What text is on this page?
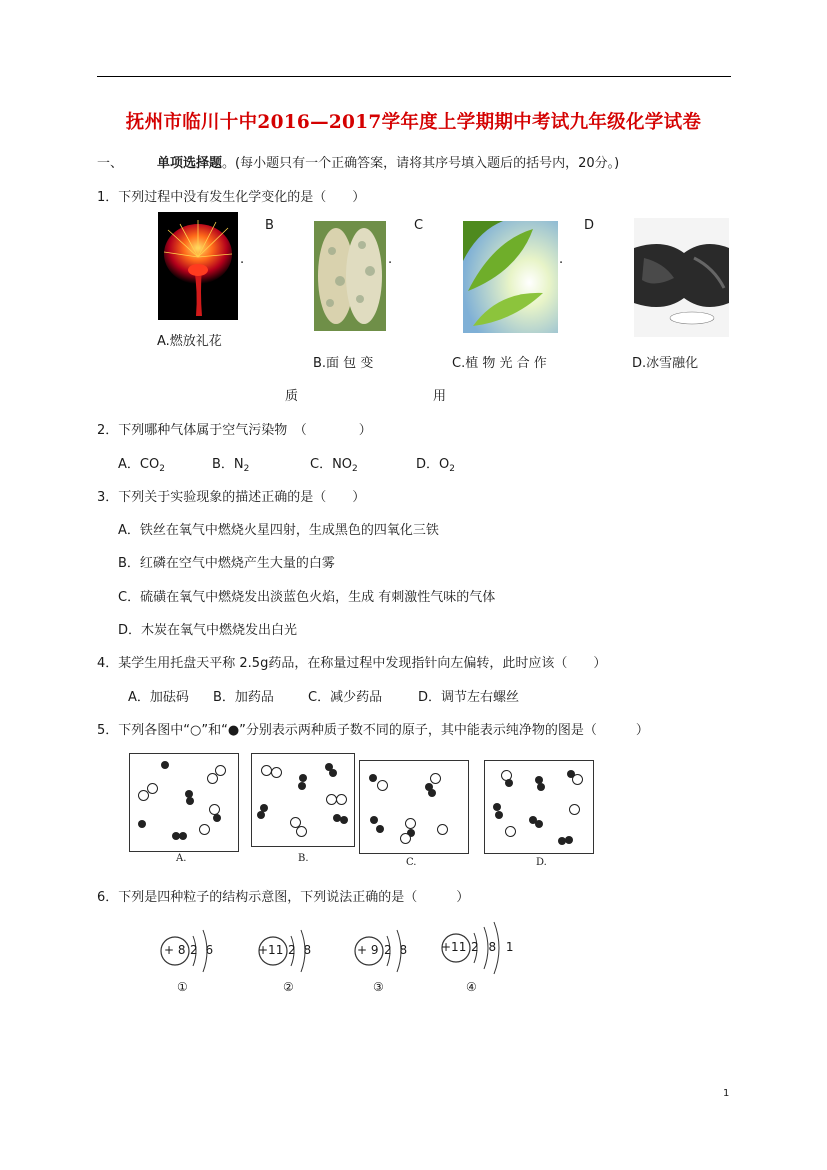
抚州市临川十中2016—2017学年度上学期期中考试九年级化学试卷
一、	单项选择题。(每小题只有一个正确答案，请将其序号填入题后的括号内，20分。)
1．下列过程中没有发生化学变化的是（　　）
B
.
C
.
D
.
A.燃放礼花
B.面 包 变	C.植 物 光 合 作	D.冰雪融化
质	用
2．下列哪种气体属于空气污染物　（　　　　）
A．$CO_2$	B．$N_2$	C．$NO_2$	D．$O_2$
3．下列关于实验现象的描述正确的是（　　）
A．铁丝在氧气中燃烧火星四射，生成黑色的四氧化三铁
B．红磷在空气中燃烧产生大量的白雾
C．硫磺在氧气中燃烧发出淡蓝色火焰，生成 有刺激性气味的气体
D．木炭在氧气中燃烧发出白光
4．某学生用托盘天平称 2.5g药品，在称量过程中发现指针向左偏转，此时应该（　　）
A．加砝码 B．加药品	C．减少药品	D．调节左右螺丝
5．下列各图中“○”和“●”分别表示两种质子数不同的原子，其中能表示纯净物的图是（　　　）
A.	B.	C.	D.
6．下列是四种粒子的结构示意图，下列说法正确的是（　　　）
+ 8 2 6
①
+11 2 8
②
+ 9 2 8
③
+11 2 8 1
④
1
